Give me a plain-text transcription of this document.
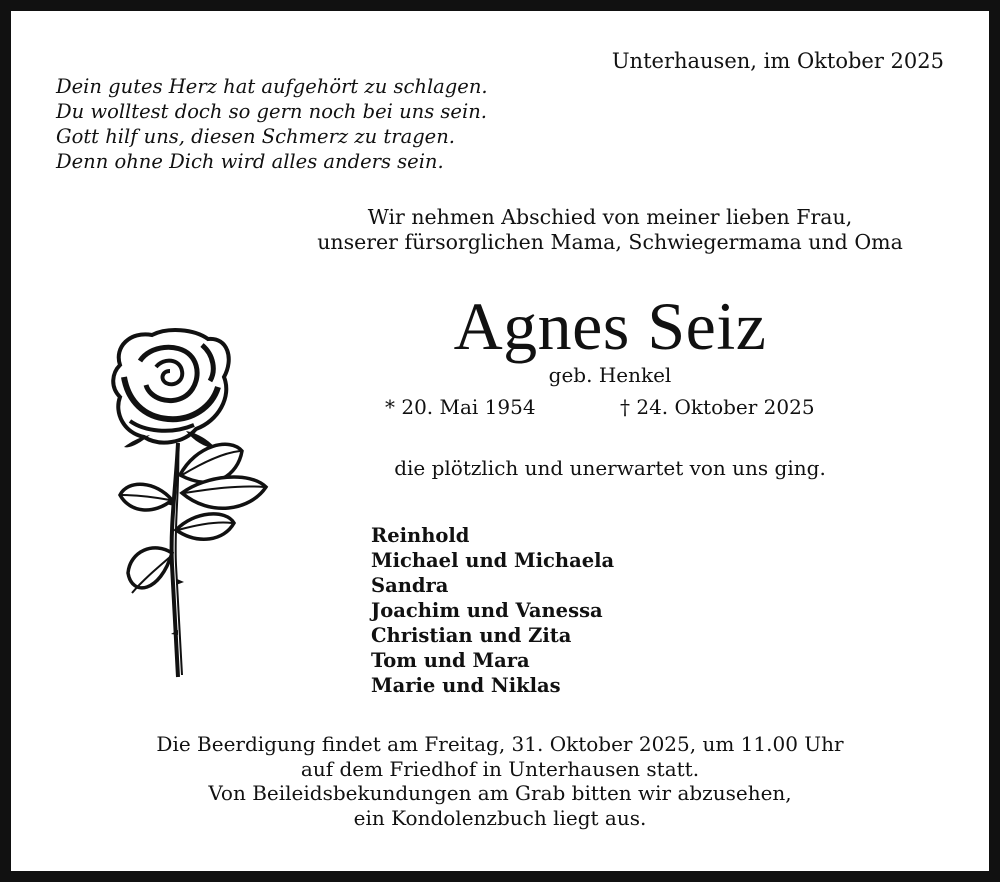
Unterhausen, im Oktober 2025
Dein gutes Herz hat aufgehört zu schlagen.
Du wolltest doch so gern noch bei uns sein.
Gott hilf uns, diesen Schmerz zu tragen.
Denn ohne Dich wird alles anders sein.
Wir nehmen Abschied von meiner lieben Frau,
unserer fürsorglichen Mama, Schwiegermama und Oma
Agnes Seiz
geb. Henkel
* 20. Mai 1954	† 24. Oktober 2025
die plötzlich und unerwartet von uns ging.
Reinhold
Michael und Michaela
Sandra
Joachim und Vanessa
Christian und Zita
Tom und Mara
Marie und Niklas
Die Beerdigung findet am Freitag, 31. Oktober 2025, um 11.00 Uhr
auf dem Friedhof in Unterhausen statt.
Von Beileidsbekundungen am Grab bitten wir abzusehen,
ein Kondolenzbuch liegt aus.
